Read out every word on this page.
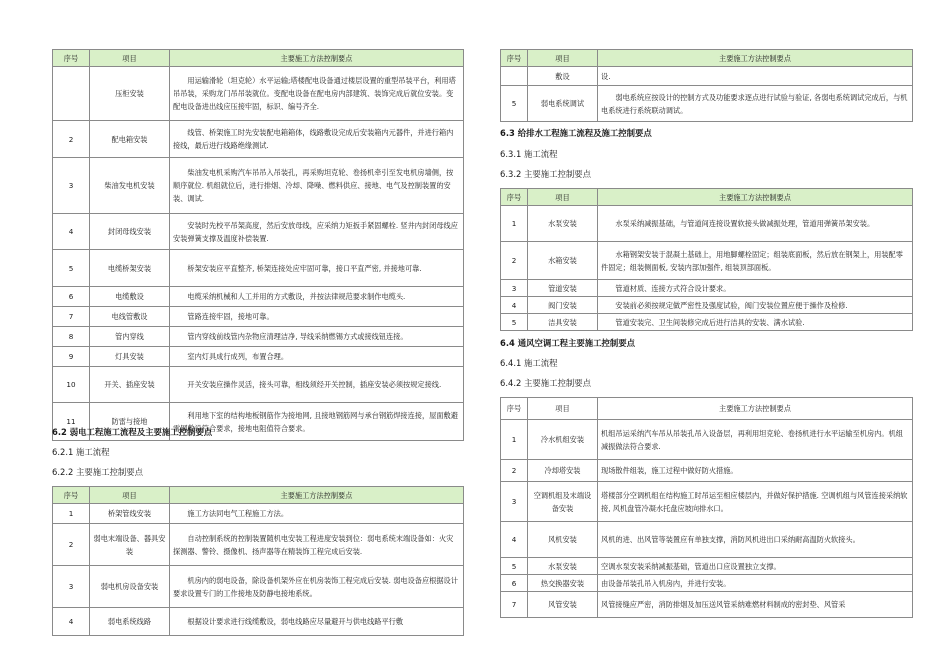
序号	项目	主要施工方法控制要点
	压柜安装	用运输滑轮（坦克轮）水平运输;塔楼配电设备通过楼层设置的重型吊装平台，利用塔吊吊装，采购龙门吊吊装就位。变配电设备在配电房内部建筑、装饰完成后就位安装。变配电设备进出线应压接牢固，标识、编号齐全.
2	配电箱安装	线管、桥架施工时先安装配电箱箱体，线路敷设完成后安装箱内元器件，并进行箱内接线，最后进行线路绝缘测试.
3	柴油发电机安装	柴油发电机采购汽车吊吊入吊装孔，再采购坦克轮、卷扬机牵引至发电机房墙侧，按顺序就位. 机组就位后，进行排烟、冷却、降噪、燃料供应、接地、电气及控制装置的安装、调试.
4	封闭母线安装	安装时先校平吊架高度，然后安放母线，应采纳力矩扳手紧固螺栓. 竖井内封闭母线应安装弹簧支撑及温度补偿装置.
5	电缆桥架安装	桥架安装应平直整齐, 桥架连接处应牢固可靠，接口平直严密, 并接地可靠.
6	电缆敷设	电缆采纳机械和人工并用的方式敷设，并按法律规范要求制作电缆头.
7	电线管敷设	管路连接牢固，接地可靠。
8	管内穿线	管内穿线前线管内杂物应清理洁净, 导线采纳燃锡方式或接线钮连接。
9	灯具安装	室内灯具成行成列，布置合理。
10	开关、插座安装	开关安装应操作灵活，接头可靠，相线须经开关控制，插座安装必须按规定接线.
11	防雷与接地	利用地下室的结构地板钢筋作为接地网, 且接地钢筋网与承台钢筋焊接连接，屋面敷避雷网敷设符合要求，接地电阻值符合要求。
6.2 弱电工程施工流程及主要施工控制要点
6.2.1 施工流程
6.2.2 主要施工控制要点
序号	项目	主要施工方法控制要点
1	桥架管线安装	施工方法同电气工程施工方法。
2	弱电末端设备、器具安装	自动控制系统的控制装置随机电安装工程进度安装到位：弱电系统末端设备如：火灾探测器、警铃、摄像机、扬声器等在精装饰工程完成后安装.
3	弱电机房设备安装	机房内的弱电设备，除设备机架外应在机房装饰工程完成后安装. 弱电设备应根据设计要求设置专门的工作接地及防静电接地系统。
4	弱电系统线路	根据设计要求进行线缆敷设，弱电线路应尽量避开与供电线路平行敷
序号	项目	主要施工方法控制要点
	敷设	设.
5	弱电系统调试	弱电系统应按设计的控制方式及功能要求逐点进行试验与验证, 各弱电系统调试完成后，与机电系统进行系统联动调试。
6.3 给排水工程施工流程及施工控制要点
6.3.1 施工流程
6.3.2 主要施工控制要点
序号	项目	主要施工方法控制要点
1	水泵安装	水泵采纳减振基础，与管道间连接设置软接头做减振处理，管道用弹簧吊架安装。
2	水箱安装	水箱钢架安装于混凝土基础上，用地脚螺栓固定；组装底面板，然后放在钢架上，用装配零件固定；组装侧面板, 安装内部加强件, 组装顶部面板。
3	管道安装	管道材质、连接方式符合设计要求。
4	阀门安装	安装前必须按规定做严密性及强度试验，阀门安装位置应便于操作及检修.
5	洁具安装	管道安装完、卫生间装修完成后进行洁具的安装、满水试验.
6.4 通风空调工程主要施工控制要点
6.4.1 施工流程
6.4.2 主要施工控制要点
序号	项目	主要施工方法控制要点
1	冷水机组安装	机组吊运采纳汽车吊从吊装孔吊入设备层，再利用坦克轮、卷扬机进行水平运输至机房内。机组减振做法符合要求.
2	冷却塔安装	现场散件组装，施工过程中做好防火措施。
3	空调机组及末端设备安装	塔楼部分空调机组在结构施工时吊运至相应楼层内，并做好保护措施. 空调机组与风管连接采纳软接, 风机盘管冷凝水托盘应坡向排水口。
4	风机安装	风机的进、出风管等装置应有单独支撑，消防风机进出口采纳耐高温防火软接头。
5	水泵安装	空调水泵安装采纳减振基础，管道出口应设置独立支撑。
6	热交换器安装	由设备吊装孔吊入机房内，并进行安装。
7	风管安装	风管接缝应严密，消防排烟及加压送风管采纳难燃材料制成的密封垫、风管采
